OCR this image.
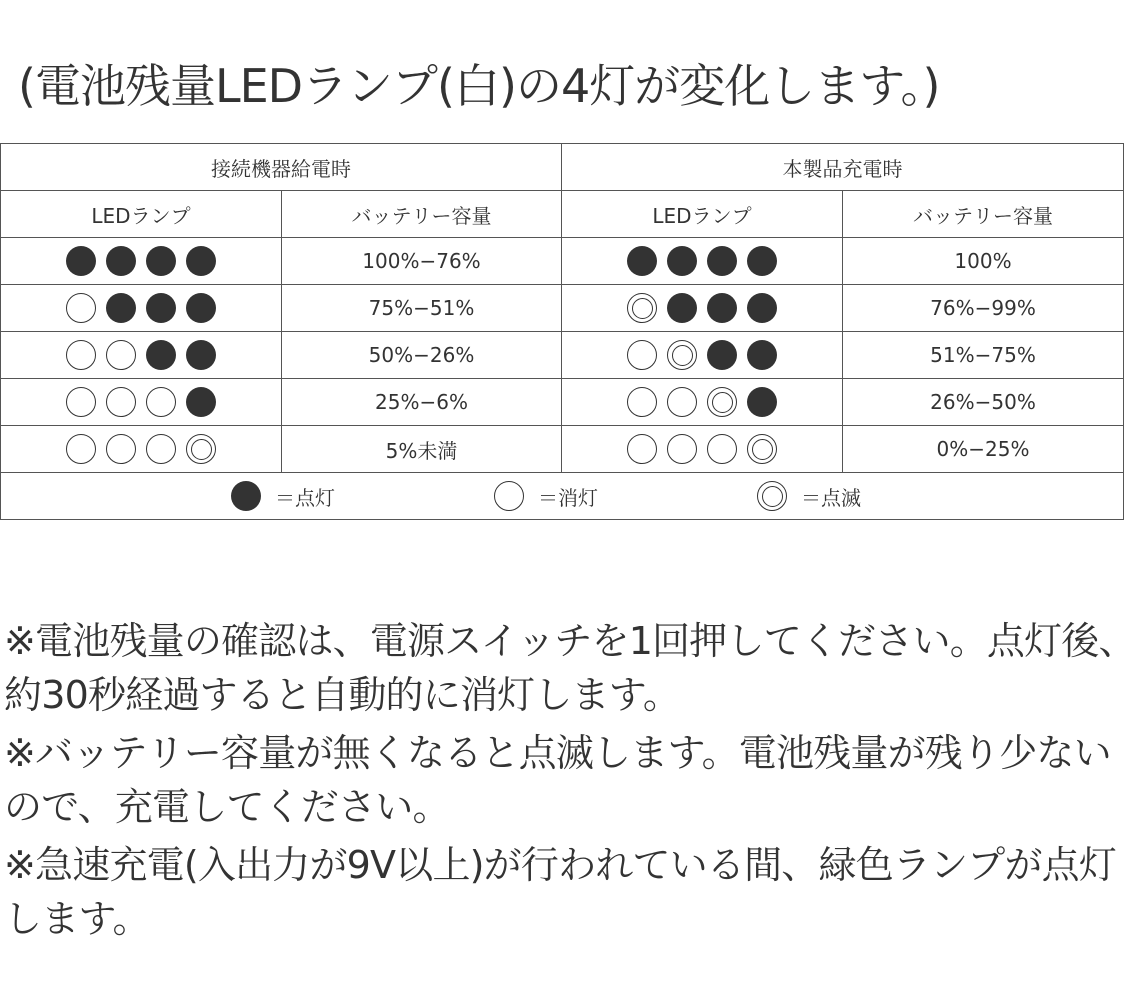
(電池残量LEDランプ(白)の4灯が変化します。)
接続機器給電時		本製品充電時	
LEDランプ	バッテリー容量	LEDランプ	バッテリー容量

	100%−76%		100%

	75%−51%		76%−99%

	50%−26%		51%−75%

	25%−6%		26%−50%

	5%未満		0%−25%

＝点灯 ＝消灯 ＝点滅			

※電池残量の確認は、電源スイッチを1回押してください。点灯後、約30秒経過すると自動的に消灯します。

※バッテリー容量が無くなると点滅します。電池残量が残り少ないので、充電してください。

※急速充電(入出力が9V以上)が行われている間、緑色ランプが点灯します。
